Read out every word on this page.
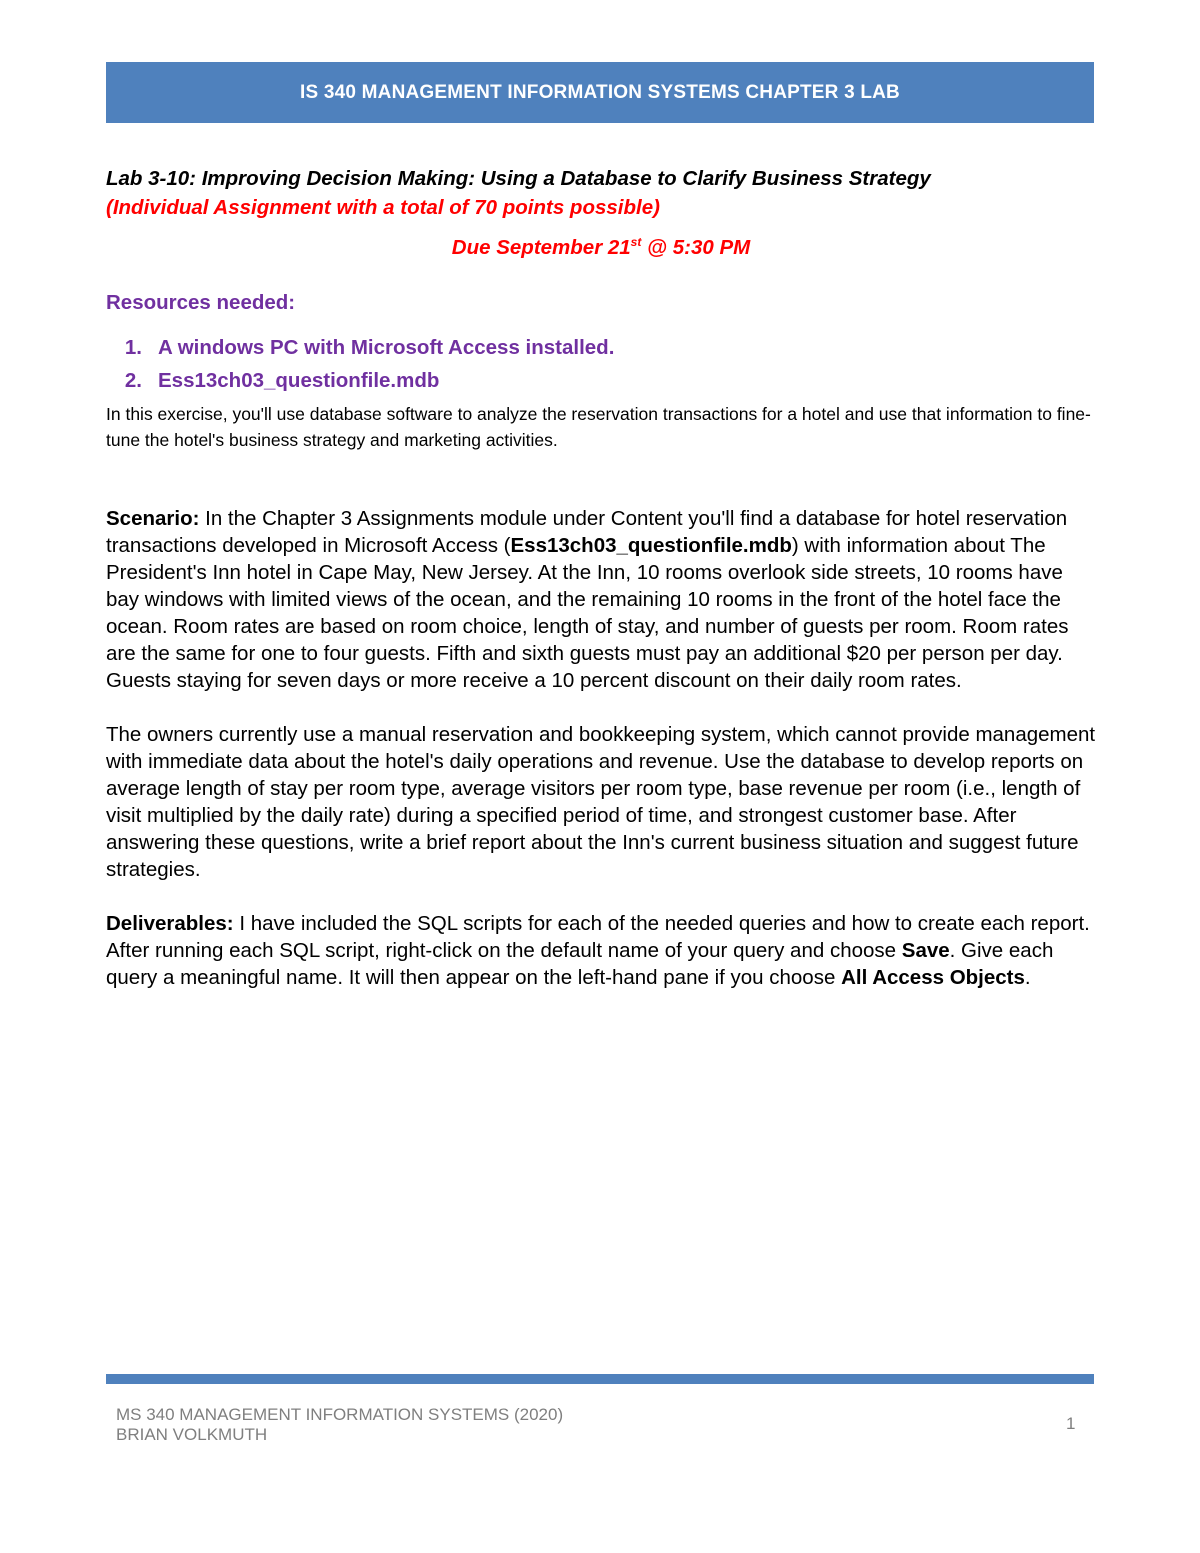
IS 340 MANAGEMENT INFORMATION SYSTEMS CHAPTER 3 LAB

Lab 3-10: Improving Decision Making: Using a Database to Clarify Business Strategy

(Individual Assignment with a total of 70 points possible)

Due September 21st @ 5:30 PM

Resources needed:

1. A windows PC with Microsoft Access installed.
2. Ess13ch03_questionfile.mdb

In this exercise, you'll use database software to analyze the reservation transactions for a hotel and use that information to fine-tune the hotel's business strategy and marketing activities.

Scenario: In the Chapter 3 Assignments module under Content you'll find a database for hotel reservation transactions developed in Microsoft Access (Ess13ch03_questionfile.mdb) with information about The President's Inn hotel in Cape May, New Jersey. At the Inn, 10 rooms overlook side streets, 10 rooms have bay windows with limited views of the ocean, and the remaining 10 rooms in the front of the hotel face the ocean. Room rates are based on room choice, length of stay, and number of guests per room. Room rates are the same for one to four guests. Fifth and sixth guests must pay an additional $20 per person per day. Guests staying for seven days or more receive a 10 percent discount on their daily room rates.

The owners currently use a manual reservation and bookkeeping system, which cannot provide management with immediate data about the hotel's daily operations and revenue. Use the database to develop reports on average length of stay per room type, average visitors per room type, base revenue per room (i.e., length of visit multiplied by the daily rate) during a specified period of time, and strongest customer base. After answering these questions, write a brief report about the Inn's current business situation and suggest future strategies.

Deliverables: I have included the SQL scripts for each of the needed queries and how to create each report. After running each SQL script, right-click on the default name of your query and choose Save. Give each query a meaningful name. It will then appear on the left-hand pane if you choose All Access Objects.

MS 340 MANAGEMENT INFORMATION SYSTEMS (2020)
BRIAN VOLKMUTH
1
